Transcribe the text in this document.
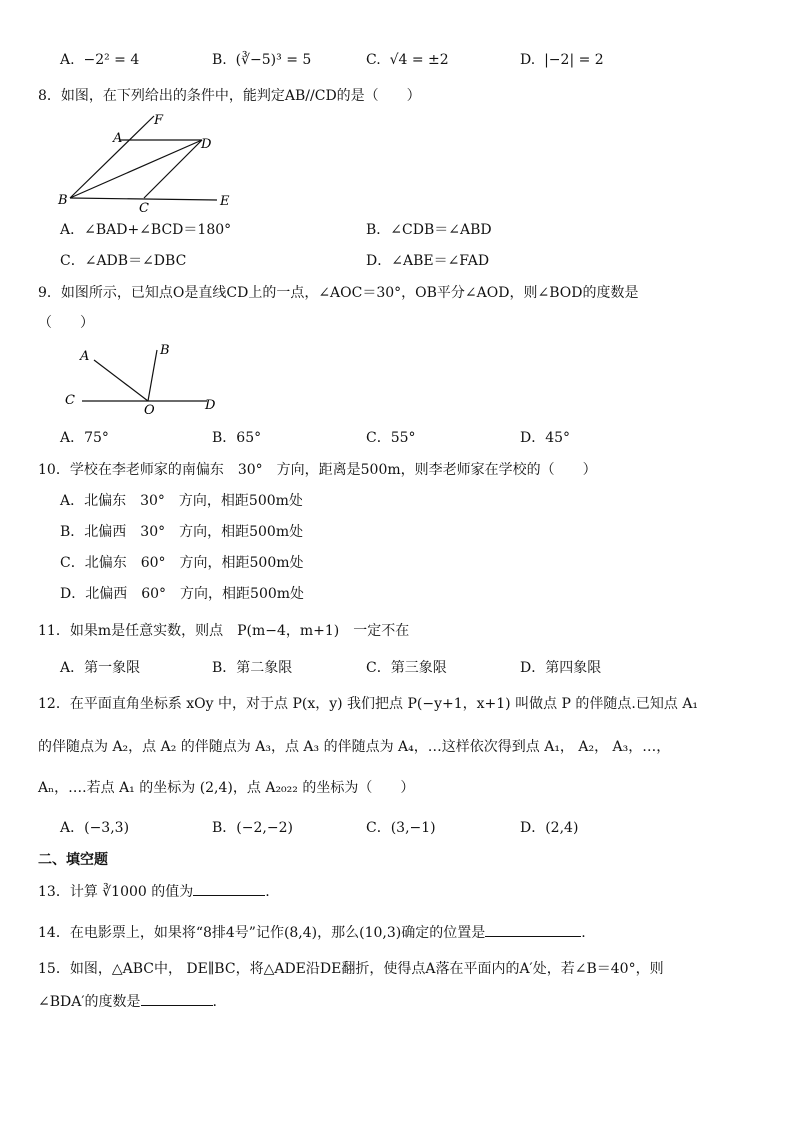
A. −2² = 4	B. (∛−5)³ = 5	C. √4 = ±2	D. |−2| = 2
8．如图，在下列给出的条件中，能判定AB//CD的是（　　）
A
F
D
B
C	E
A．∠BAD+∠BCD＝180°	B．∠CDB＝∠ABD
C．∠ADB＝∠DBC	D．∠ABE＝∠FAD
9．如图所示，已知点O是直线CD上的一点，∠AOC＝30°，OB平分∠AOD，则∠BOD的度数是
（　　）
A	B
C
O	D
A．75°	B．65°	C．55°	D．45°
10．学校在李老师家的南偏东　30°　方向，距离是500m，则李老师家在学校的（　　）
A．北偏东　30°　方向，相距500m处
B．北偏西　30°　方向，相距500m处
C．北偏东　60°　方向，相距500m处
D．北偏西　60°　方向，相距500m处
11．如果m是任意实数，则点　P(m−4，m+1)　一定不在
A．第一象限	B．第二象限	C．第三象限	D．第四象限
12．在平面直角坐标系 xOy 中，对于点 P(x，y) 我们把点 P(−y+1，x+1) 叫做点 P 的伴随点.已知点 A₁
的伴随点为 A₂，点 A₂ 的伴随点为 A₃，点 A₃ 的伴随点为 A₄，…这样依次得到点 A₁， A₂， A₃，…，
Aₙ，….若点 A₁ 的坐标为 (2,4)，点 A₂₀₂₂ 的坐标为（　　）
A．(−3,3)	B．(−2,−2)	C．(3,−1)	D．(2,4)
二、填空题
13．计算 ∛1000 的值为	.
14．在电影票上，如果将“8排4号”记作(8,4)，那么(10,3)确定的位置是	.
15．如图，△ABC中， DE∥BC，将△ADE沿DE翻折，使得点A落在平面内的A′处，若∠B＝40°，则
∠BDA′的度数是	.
